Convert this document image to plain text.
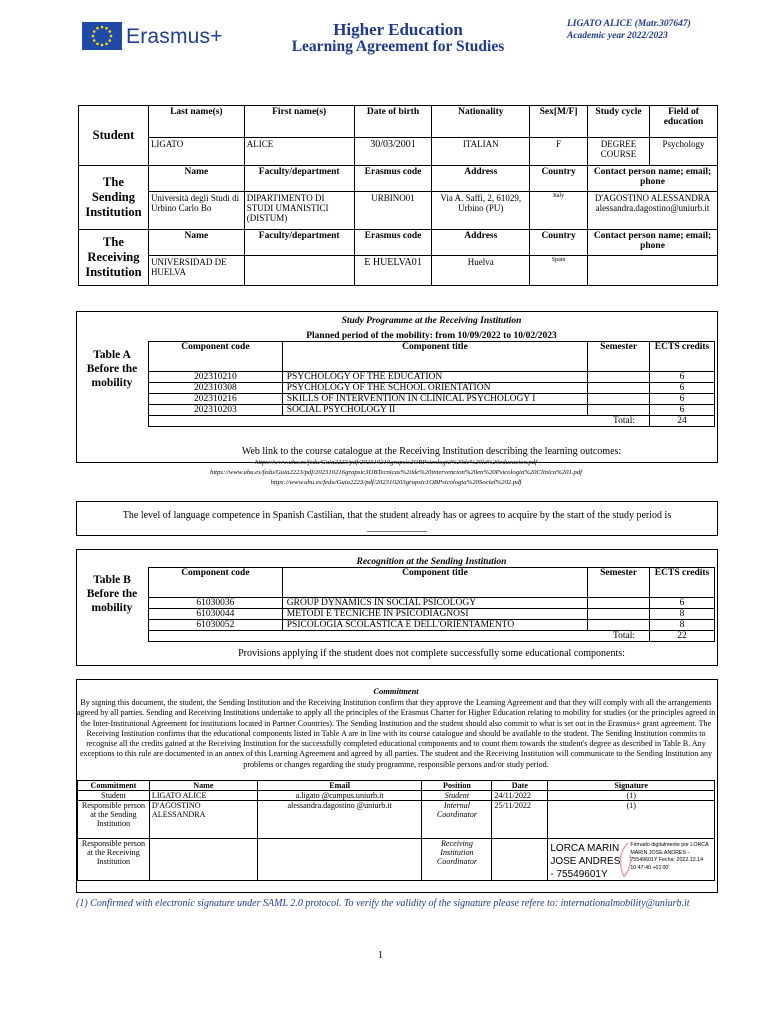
Erasmus+	Higher Education
Learning Agreement for Studies
LIGATO ALICE (Matr.307647)
Academic year 2022/2023
Student	Last name(s)	First name(s)	Date of birth	Nationality	Sex[M/F]	Study cycle	Field of education
	LIGATO	ALICE	30/03/2001	ITALIAN	F	DEGREE COURSE	Psychology
The Sending Institution	Name	Faculty/department	Erasmus code	Address	Country	Contact person name; email; phone	
	Università degli Studi di Urbino Carlo Bo	DIPARTIMENTO DI STUDI UMANISTICI (DISTUM)	URBINO01	Via A. Saffi, 2, 61029, Urbino (PU)	Italy	D'AGOSTINO ALESSANDRA alessandra.dagostino@uniurb.it	
The Receiving Institution	Name	Faculty/department	Erasmus code	Address	Country	Contact person name; email; phone	
	UNIVERSIDAD DE HUELVA		E HUELVA01	Huelva	Spain		
Table A Before the mobility
Study Programme at the Receiving Institution
Planned period of the mobility: from 10/09/2022 to 10/02/2023
Component code	Component title	Semester	ECTS credits
202310210	PSYCHOLOGY OF THE EDUCATION		6
202310308	PSYCHOLOGY OF THE SCHOOL ORIENTATION		6
202310216	SKILLS OF INTERVENTION IN CLINICAL PSYCHOLOGY I		6
202310203	SOCIAL PSYCHOLOGY II		6
Total:			24
Web link to the course catalogue at the Receiving Institution describing the learning outcomes:
https://www.uhu.es/fedu/Guia2223/pdf/202310210grapsic2OBPsicologia%20de%20la%20educacion.pdf
https://www.uhu.es/fedu/Guia2223/pdf/202310216grapsic3OBTecnicas%20de%20intervencion%20en%20Psicologia%20Clinica%201.pdf
https://www.uhu.es/fedu/Guia2223/pdf/202310203grapsic1OBPsicologia%20Social%202.pdf
The level of language competence in Spanish Castilian, that the student already has or agrees to acquire by the start of the study period is ____________
Table B Before the mobility
Recognition at the Sending Institution
Component code	Component title	Semester	ECTS credits
61030036	GROUP DYNAMICS IN SOCIAL PSICOLOGY		6
61030044	METODI E TECNICHE IN PSICODIAGNOSI		8
61030052	PSICOLOGIA SCOLASTICA E DELL'ORIENTAMENTO		8
Total:			22
Provisions applying if the student does not complete successfully some educational components:
Commitment
By signing this document, the student, the Sending Institution and the Receiving Institution confirm that they approve the Learning Agreement and that they will comply with all the arrangements agreed by all parties. Sending and Receiving Institutions undertake to apply all the principles of the Erasmus Charter for Higher Education relating to mobility for studies (or the principles agreed in the Inter-Institutional Agreement for institutions located in Partner Countries). The Sending Institution and the student should also commit to what is set out in the Erasmus+ grant agreement. The Receiving Institution confirms that the educational components listed in Table A are in line with its course catalogue and should be available to the student. The Sending Institution commits to recognise all the credits gained at the Receiving Institution for the successfully completed educational components and to count them towards the student's degree as described in Table B. Any exceptions to this rule are documented in an annex of this Learning Agreement and agreed by all parties. The student and the Receiving Institution will communicate to the Sending Institution any problems or changes regarding the study programme, responsible persons and/or study period.
Commitment	Name	Email	Position	Date	Signature
Student	LIGATO ALICE	a.ligato @campus.uniurb.it	Student	24/11/2022	(1)
Responsible person at the Sending Institution	D'AGOSTINO ALESSANDRA	alessandra.dagostino @uniurb.it	Internal Coordinator	25/11/2022	(1)
Responsible person at the Receiving Institution			Receiving Institution Coordinator		LORCA MARIN JOSE ANDRES - 75549601Y
Firmado digitalmente por LORCA MARIN JOSE ANDRES - 75549601Y Fecha: 2022.12.14 10:47:40 +01'00'
(1) Confirmed with electronic signature under SAML 2.0 protocol. To verify the validity of the signature please refere to: internationalmobility@uniurb.it
1
